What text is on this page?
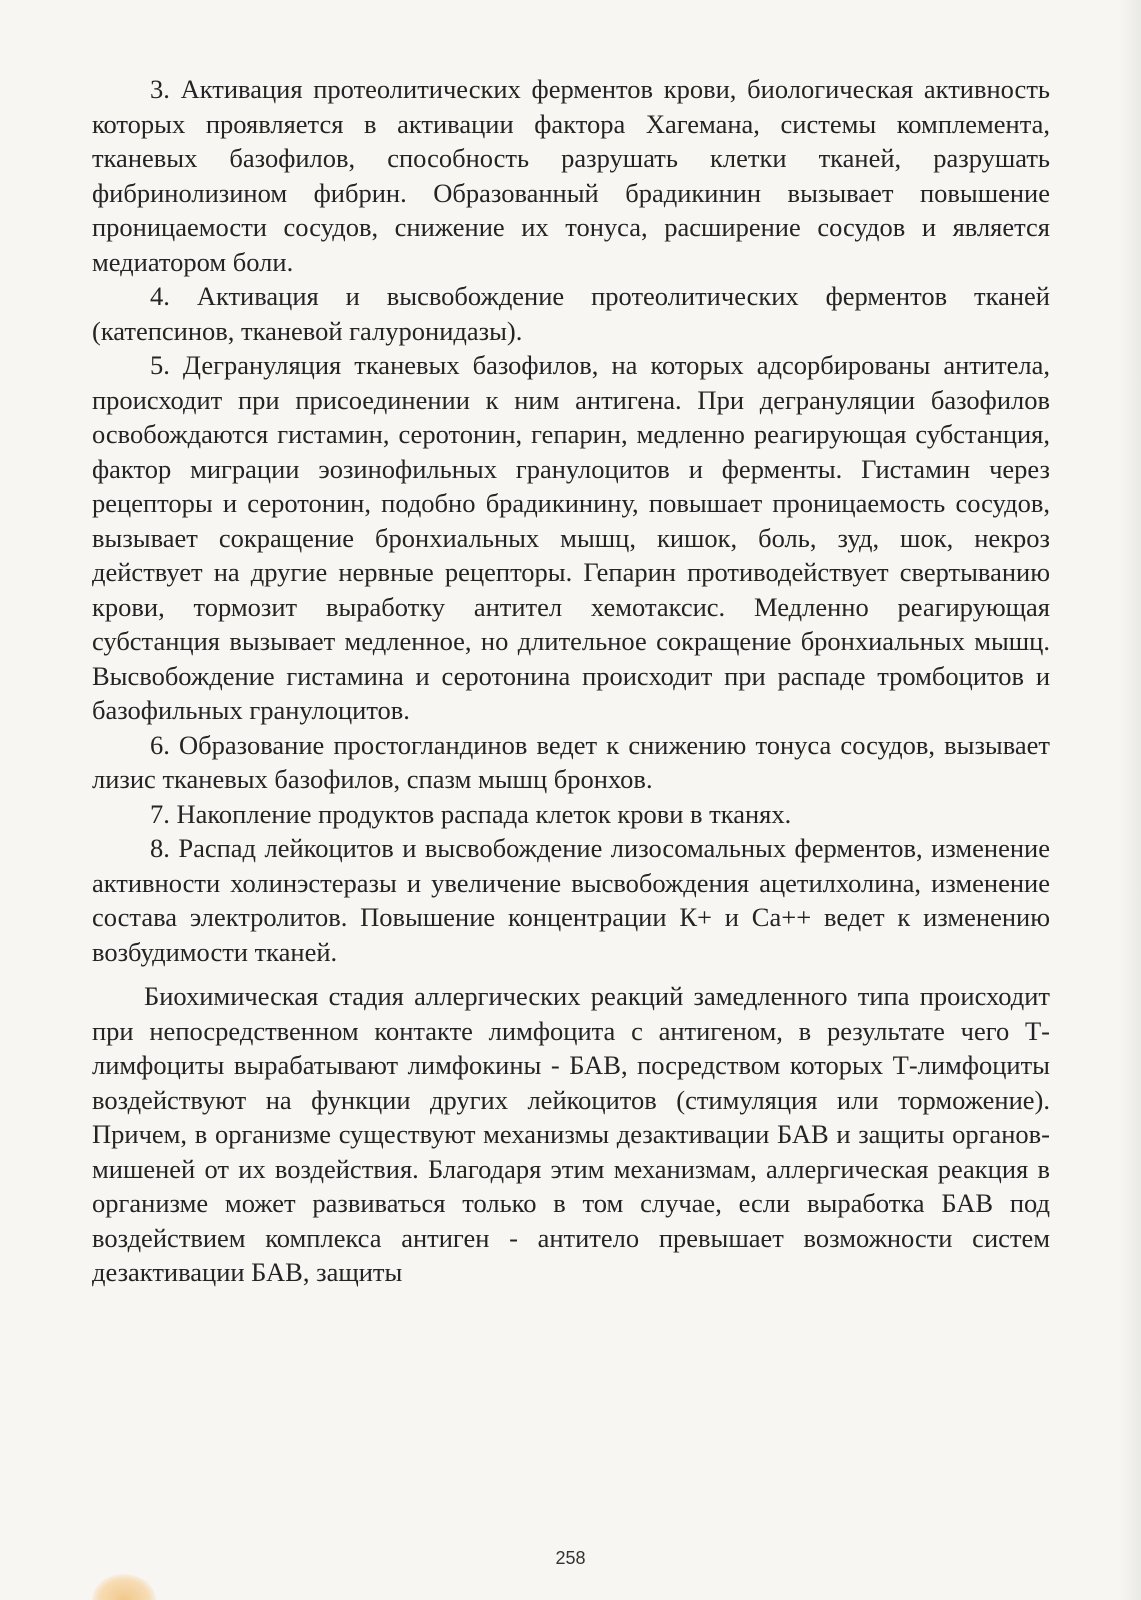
3. Активация протеолитических ферментов крови, биологическая активность которых проявляется в активации фактора Хагемана, системы комплемента, тканевых базофилов, способность разрушать клетки тканей, разрушать фибринолизином фибрин. Образованный брадикинин вызывает повышение проницаемости сосудов, снижение их тонуса, расширение сосудов и является медиатором боли.

4. Активация и высвобождение протеолитических ферментов тканей (катепсинов, тканевой галуронидазы).

5. Дегрануляция тканевых базофилов, на которых адсорбированы антитела, происходит при присоединении к ним антигена. При дегрануляции базофилов освобождаются гистамин, серотонин, гепарин, медленно реагирующая субстанция, фактор миграции эозинофильных гранулоцитов и ферменты. Гистамин через рецепторы и серотонин, подобно брадикинину, повышает проницаемость сосудов, вызывает сокращение бронхиальных мышц, кишок, боль, зуд, шок, некроз действует на другие нервные рецепторы. Гепарин противодействует свертыванию крови, тормозит выработку антител хемотаксис. Медленно реагирующая субстанция вызывает медленное, но длительное сокращение бронхиальных мышц. Высвобождение гистамина и серотонина происходит при распаде тромбоцитов и базофильных гранулоцитов.

6. Образование простогландинов ведет к снижению тонуса сосудов, вызывает лизис тканевых базофилов, спазм мышц бронхов.

7. Накопление продуктов распада клеток крови в тканях.

8. Распад лейкоцитов и высвобождение лизосомальных ферментов, изменение активности холинэстеразы и увеличение высвобождения ацетилхолина, изменение состава электролитов. Повышение концентрации К+ и Са++ ведет к изменению возбудимости тканей.

Биохимическая стадия аллергических реакций замедленного типа происходит при непосредственном контакте лимфоцита с антигеном, в результате чего Т-лимфоциты вырабатывают лимфокины - БАВ, посредством которых Т-лимфоциты воздействуют на функции других лейкоцитов (стимуляция или торможение). Причем, в организме существуют механизмы дезактивации БАВ и защиты органов-мишеней от их воздействия. Благодаря этим механизмам, аллергическая реакция в организме может развиваться только в том случае, если выработка БАВ под воздействием комплекса антиген - антитело превышает возможности систем дезактивации БАВ, защиты

258
